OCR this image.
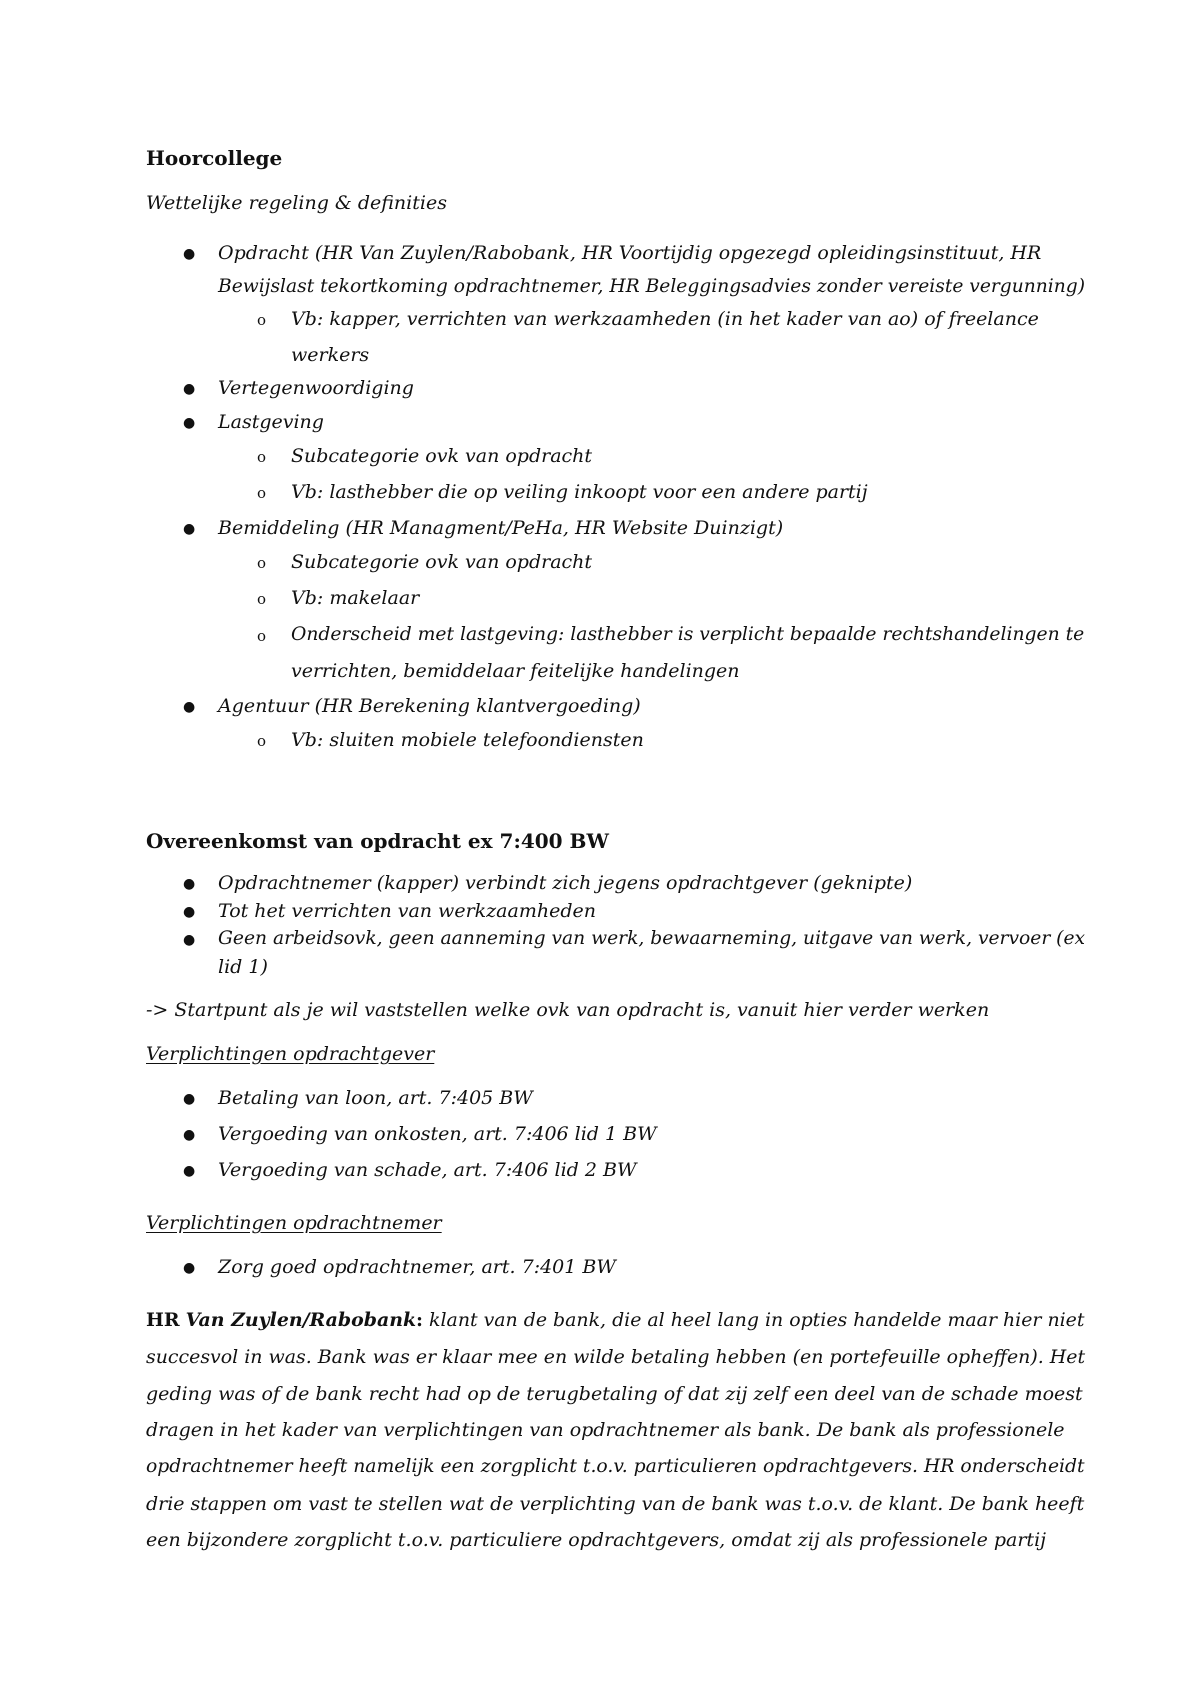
Hoorcollege
Wettelijke regeling & definities
● Opdracht (HR Van Zuylen/Rabobank, HR Voortijdig opgezegd opleidingsinstituut, HR
Bewijslast tekortkoming opdrachtnemer, HR Beleggingsadvies zonder vereiste vergunning)
o Vb: kapper, verrichten van werkzaamheden (in het kader van ao) of freelance
werkers
● Vertegenwoordiging
● Lastgeving
o Subcategorie ovk van opdracht
o Vb: lasthebber die op veiling inkoopt voor een andere partij
● Bemiddeling (HR Managment/PeHa, HR Website Duinzigt)
o Subcategorie ovk van opdracht
o Vb: makelaar
o Onderscheid met lastgeving: lasthebber is verplicht bepaalde rechtshandelingen te
verrichten, bemiddelaar feitelijke handelingen
● Agentuur (HR Berekening klantvergoeding)
o Vb: sluiten mobiele telefoondiensten
Overeenkomst van opdracht ex 7:400 BW
● Opdrachtnemer (kapper) verbindt zich jegens opdrachtgever (geknipte)
● Tot het verrichten van werkzaamheden
● Geen arbeidsovk, geen aanneming van werk, bewaarneming, uitgave van werk, vervoer (ex
lid 1)
-> Startpunt als je wil vaststellen welke ovk van opdracht is, vanuit hier verder werken
Verplichtingen opdrachtgever
● Betaling van loon, art. 7:405 BW
● Vergoeding van onkosten, art. 7:406 lid 1 BW
● Vergoeding van schade, art. 7:406 lid 2 BW
Verplichtingen opdrachtnemer
● Zorg goed opdrachtnemer, art. 7:401 BW
HR Van Zuylen/Rabobank: klant van de bank, die al heel lang in opties handelde maar hier niet
succesvol in was. Bank was er klaar mee en wilde betaling hebben (en portefeuille opheffen). Het
geding was of de bank recht had op de terugbetaling of dat zij zelf een deel van de schade moest
dragen in het kader van verplichtingen van opdrachtnemer als bank. De bank als professionele
opdrachtnemer heeft namelijk een zorgplicht t.o.v. particulieren opdrachtgevers. HR onderscheidt
drie stappen om vast te stellen wat de verplichting van de bank was t.o.v. de klant. De bank heeft
een bijzondere zorgplicht t.o.v. particuliere opdrachtgevers, omdat zij als professionele partij
